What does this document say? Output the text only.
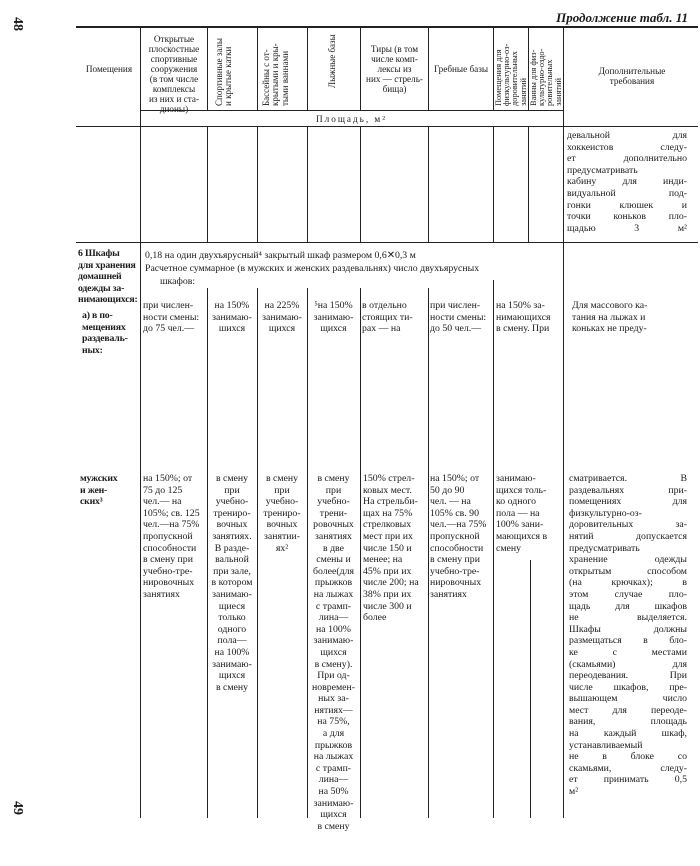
48
49
Продолжение табл. 11
Помещения
Открытые
плоскостные
спортивные
сооружения
(в том числе
комплексы
из них и ста-
дионы)
Спортивные залы
и крытые катки
Бассейны с от-
крытыми и кры-
тыми ваннами	Лыжные базы	Тиры (в том
числе комп-
лексы из
них — стрель-
бища)
Гребные базы Помещения для
физкультурно-оз-
доровительных
занятий Ванны для физ-
культурно-оздо-
ровительных
занятий
Дополнительные
требования
Площадь, м²
девальной для
хоккеистов следу-
ет дополнительно
предусматривать
кабину для инди-
видуальной под-
гонки клюшек и
точки коньков пло-
щадью 3 м²
6 Шкафы
для хранения
домашней
одежды за-
нимающихся:
а) в по-
мещениях
раздеваль-
ных:
0,18 на один двухъярусный⁴ закрытый шкаф размером 0,6✕0,3 м
Расчетное суммарное (в мужских и женских раздевальнях) число двухъярусных
шкафов:
при числен-
ности смены:
до 75 чел.—
на 150%
занимаю-
шихся
на 225%
занимаю-
щихся
⁵на 150%
занимаю-
щихся
в отдельно
стоящих ти-
рах — на
при числен-
ности смены:
до 50 чел.—
на 150% за-
нимающихся
в смену. При
Для массового ка-
тания на лыжах и
коньках не преду-
мужских
и жен-
ских³
на 150%; от
75 до 125
чел.— на
105%; св. 125
чел.—на 75%
пропускной
способности
в смену при
учебно-тре-
нировочных
занятиях
в смену
при
учебно-
трениро-
вочных
занятиях.
В разде-
вальной
при зале,
в котором
занимаю-
щиеся
только
одного
пола—
на 100%
занимаю-
щихся
в смену
в смену
при
учебно-
трениро-
вочных
занятии-
ях²
в смену
при
учебно-
трени-
ровочных
занятиях
в две
смены и
более(для
прыжков
на лыжах
с трамп-
лина—
на 100%
занимаю-
щихся
в смену).
При од-
новремен-
ных за-
нятиях—
на 75%,
а для
прыжков
на лыжах
с трамп-
лина—
на 50%
занимаю-
щихся
в смену
150% стрел-
ковых мест.
На стрельби-
щах на 75%
стрелковых
мест при их
числе 150 и
менее; на
45% при их
числе 200; на
38% при их
числе 300 и
более
на 150%; от
50 до 90
чел. — на
105% св. 90
чел.—на 75%
пропускной
способности
в смену при
учебно-тре-
нировочных
занятиях
занимаю-
щихся толь-
ко одного
пола — на
100% зани-
мающихся в
смену
сматривается. В
раздевальнях при-
помещениях для
физкультурно-оз-
доровительных за-
нятий допускается
предусматривать
хранение одежды
открытым способом
(на крючках); в
этом случае пло-
щадь для шкафов
не выделяется.
Шкафы должны
размещаться в бло-
ке с местами
(скамьями) для
переодевания. При
числе шкафов, пре-
вышающем число
мест для переоде-
вания, площадь
на каждый шкаф,
устанавливаемый
не в блоке со
скамьями, следу-
ет принимать 0,5
м²
